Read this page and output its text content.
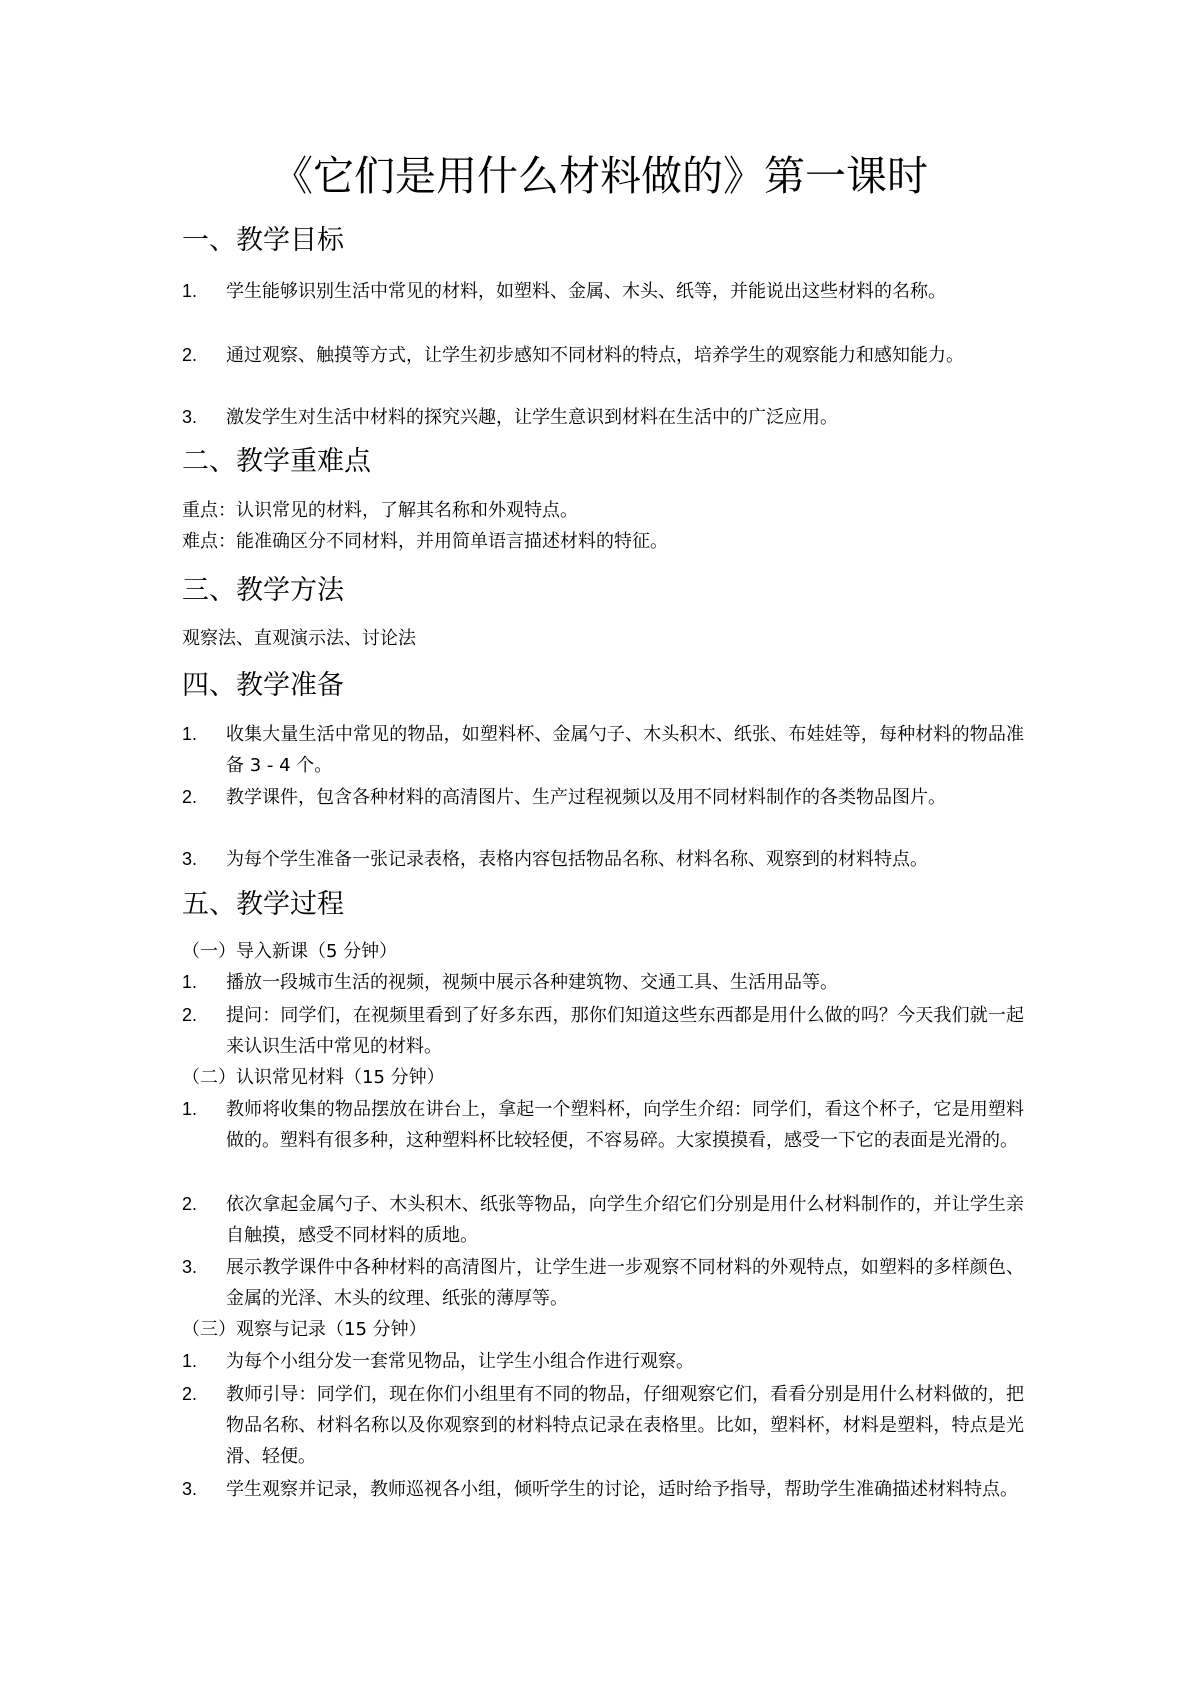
《它们是用什么材料做的》第一课时
一、教学目标
1.	学生能够识别生活中常见的材料，如塑料、金属、木头、纸等，并能说出这些材料的名称。
2.	通过观察、触摸等方式，让学生初步感知不同材料的特点，培养学生的观察能力和感知能力。
3.	激发学生对生活中材料的探究兴趣，让学生意识到材料在生活中的广泛应用。
二、教学重难点
重点：认识常见的材料，了解其名称和外观特点。
难点：能准确区分不同材料，并用简单语言描述材料的特征。
三、教学方法
观察法、直观演示法、讨论法
四、教学准备
1.	收集大量生活中常见的物品，如塑料杯、金属勺子、木头积木、纸张、布娃娃等，每种材料的物品准备 3 - 4 个。
2.	教学课件，包含各种材料的高清图片、生产过程视频以及用不同材料制作的各类物品图片。
3.	为每个学生准备一张记录表格，表格内容包括物品名称、材料名称、观察到的材料特点。
五、教学过程
（一）导入新课（5 分钟）
1.	播放一段城市生活的视频，视频中展示各种建筑物、交通工具、生活用品等。
2.	提问：同学们，在视频里看到了好多东西，那你们知道这些东西都是用什么做的吗？今天我们就一起来认识生活中常见的材料。
（二）认识常见材料（15 分钟）
1.	教师将收集的物品摆放在讲台上，拿起一个塑料杯，向学生介绍：同学们，看这个杯子，它是用塑料做的。塑料有很多种，这种塑料杯比较轻便，不容易碎。大家摸摸看，感受一下它的表面是光滑的。
2.	依次拿起金属勺子、木头积木、纸张等物品，向学生介绍它们分别是用什么材料制作的，并让学生亲自触摸，感受不同材料的质地。
3.	展示教学课件中各种材料的高清图片，让学生进一步观察不同材料的外观特点，如塑料的多样颜色、金属的光泽、木头的纹理、纸张的薄厚等。
（三）观察与记录（15 分钟）
1.	为每个小组分发一套常见物品，让学生小组合作进行观察。
2.	教师引导：同学们，现在你们小组里有不同的物品，仔细观察它们，看看分别是用什么材料做的，把物品名称、材料名称以及你观察到的材料特点记录在表格里。比如，塑料杯，材料是塑料，特点是光滑、轻便。
3.	学生观察并记录，教师巡视各小组，倾听学生的讨论，适时给予指导，帮助学生准确描述材料特点。
